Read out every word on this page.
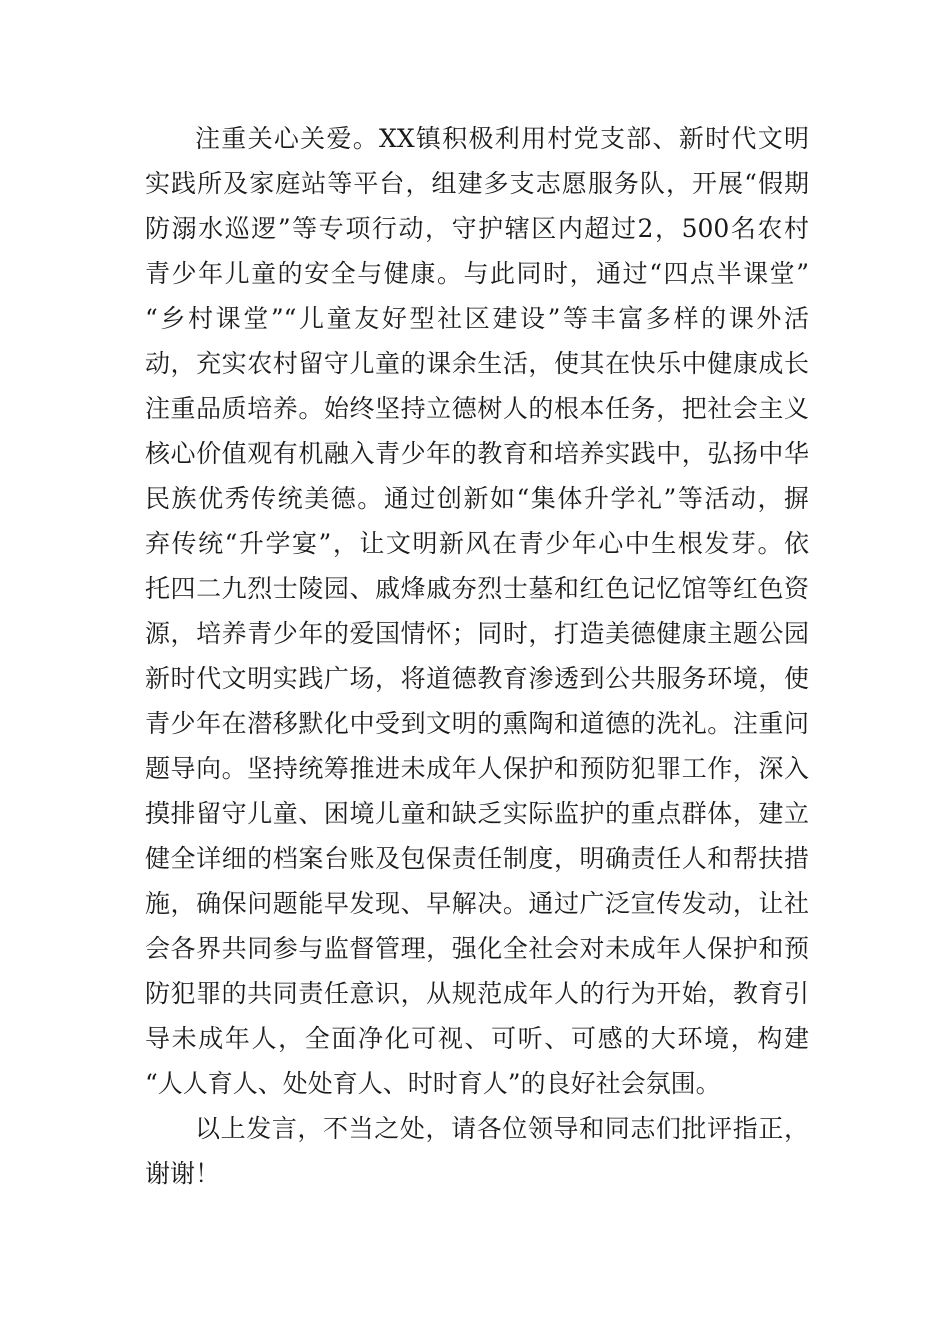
注重关心关爱。XX镇积极利用村党支部、新时代文明
实践所及家庭站等平台，组建多支志愿服务队，开展“假期
防溺水巡逻”等专项行动，守护辖区内超过2，500名农村
青少年儿童的安全与健康。与此同时，通过“四点半课堂”
“乡村课堂”“儿童友好型社区建设”等丰富多样的课外活
动，充实农村留守儿童的课余生活，使其在快乐中健康成长
注重品质培养。始终坚持立德树人的根本任务，把社会主义
核心价值观有机融入青少年的教育和培养实践中，弘扬中华
民族优秀传统美德。通过创新如“集体升学礼”等活动，摒
弃传统“升学宴”，让文明新风在青少年心中生根发芽。依
托四二九烈士陵园、戚烽戚夯烈士墓和红色记忆馆等红色资
源，培养青少年的爱国情怀；同时，打造美德健康主题公园
新时代文明实践广场，将道德教育渗透到公共服务环境，使
青少年在潜移默化中受到文明的熏陶和道德的洗礼。注重问
题导向。坚持统筹推进未成年人保护和预防犯罪工作，深入
摸排留守儿童、困境儿童和缺乏实际监护的重点群体，建立
健全详细的档案台账及包保责任制度，明确责任人和帮扶措
施，确保问题能早发现、早解决。通过广泛宣传发动，让社
会各界共同参与监督管理，强化全社会对未成年人保护和预
防犯罪的共同责任意识，从规范成年人的行为开始，教育引
导未成年人，全面净化可视、可听、可感的大环境，构建
“人人育人、处处育人、时时育人”的良好社会氛围。
以上发言，不当之处，请各位领导和同志们批评指正，
谢谢！
